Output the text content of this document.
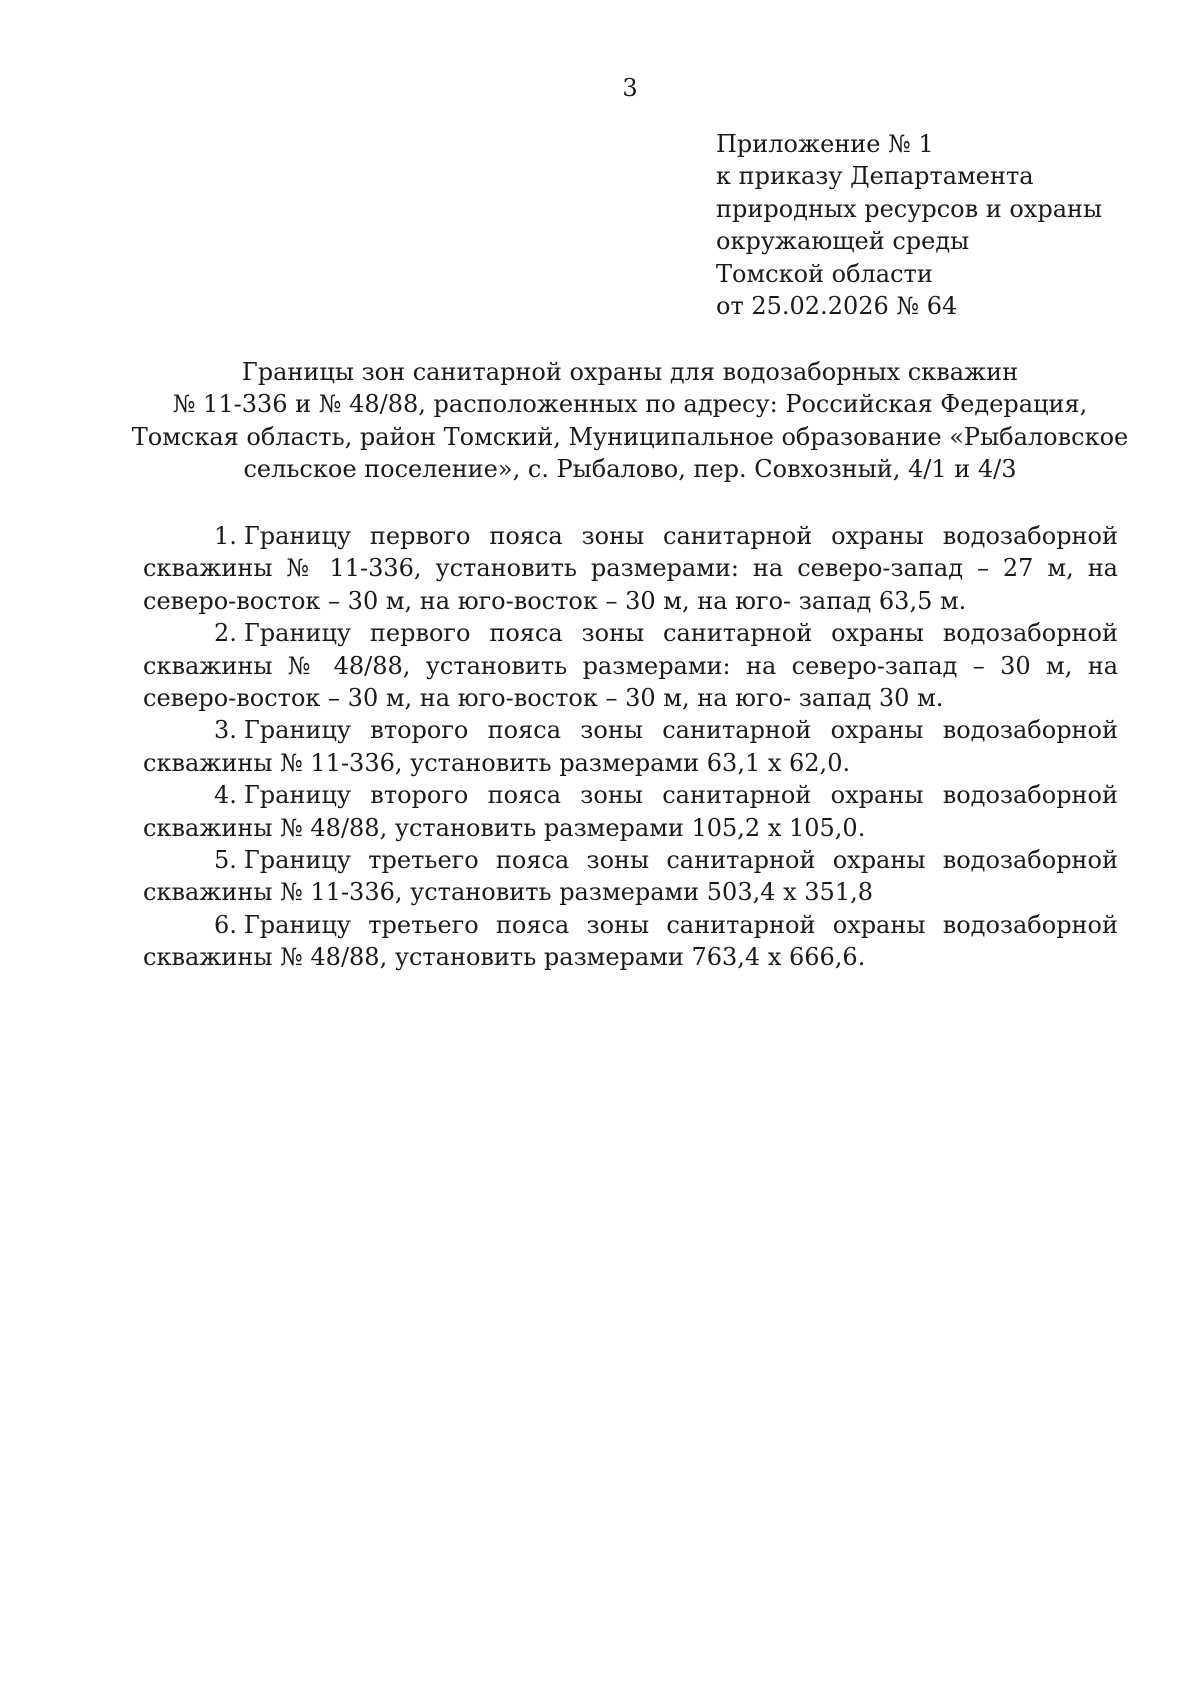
3
Приложение № 1
к приказу Департамента
природных ресурсов и охраны
окружающей среды
Томской области
от 25.02.2026 № 64
Границы зон санитарной охраны для водозаборных скважин
№ 11-336 и № 48/88, расположенных по адресу: Российская Федерация,
Томская область, район Томский, Муниципальное образование «Рыбаловское
сельское поселение», с. Рыбалово, пер. Совхозный, 4/1 и 4/3

1. Границу первого пояса зоны санитарной охраны водозаборной скважины № 11-336, установить размерами: на северо-запад – 27 м, на северо-восток – 30 м, на юго-восток – 30 м, на юго- запад 63,5 м.

2. Границу первого пояса зоны санитарной охраны водозаборной скважины № 48/88, установить размерами: на северо-запад – 30 м, на северо-восток – 30 м, на юго-восток – 30 м, на юго- запад 30 м.

3. Границу второго пояса зоны санитарной охраны водозаборной скважины № 11-336, установить размерами 63,1 х 62,0.

4. Границу второго пояса зоны санитарной охраны водозаборной скважины № 48/88, установить размерами 105,2 х 105,0.

5. Границу третьего пояса зоны санитарной охраны водозаборной скважины № 11-336, установить размерами 503,4 х 351,8

6. Границу третьего пояса зоны санитарной охраны водозаборной скважины № 48/88, установить размерами 763,4 х 666,6.
